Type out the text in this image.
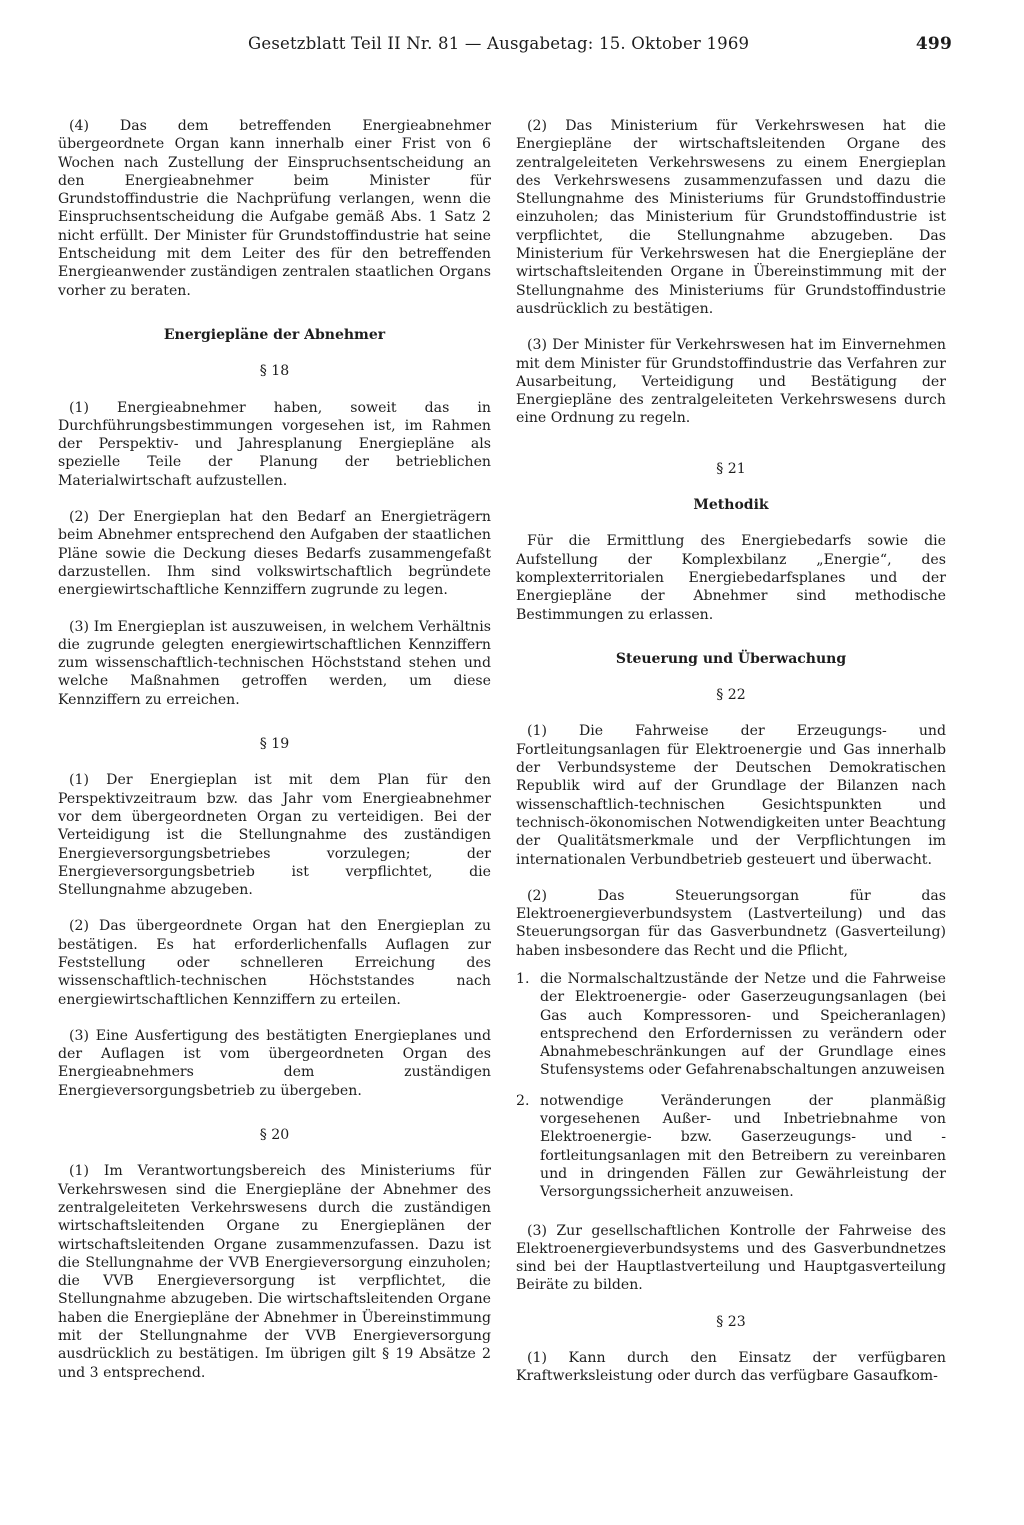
Gesetzblatt Teil II Nr. 81 — Ausgabetag: 15. Oktober 1969	499

(4) Das dem betreffenden Energieabnehmer übergeordnete Organ kann innerhalb einer Frist von 6 Wochen nach Zustellung der Einspruchsentscheidung an den Energieabnehmer beim Minister für Grundstoffindustrie die Nachprüfung verlangen, wenn die Einspruchsentscheidung die Aufgabe gemäß Abs. 1 Satz 2 nicht erfüllt. Der Minister für Grundstoffindustrie hat seine Entscheidung mit dem Leiter des für den betreffenden Energieanwender zuständigen zentralen staatlichen Organs vorher zu beraten.

Energiepläne der Abnehmer
§ 18

(1) Energieabnehmer haben, soweit das in Durchführungsbestimmungen vorgesehen ist, im Rahmen der Perspektiv- und Jahresplanung Energiepläne als spezielle Teile der Planung der betrieblichen Materialwirtschaft aufzustellen.

(2) Der Energieplan hat den Bedarf an Energieträgern beim Abnehmer entsprechend den Aufgaben der staatlichen Pläne sowie die Deckung dieses Bedarfs zusammengefaßt darzustellen. Ihm sind volkswirtschaftlich begründete energiewirtschaftliche Kennziffern zugrunde zu legen.

(3) Im Energieplan ist auszuweisen, in welchem Verhältnis die zugrunde gelegten energiewirtschaftlichen Kennziffern zum wissenschaftlich-technischen Höchststand stehen und welche Maßnahmen getroffen werden, um diese Kennziffern zu erreichen.

§ 19

(1) Der Energieplan ist mit dem Plan für den Perspektivzeitraum bzw. das Jahr vom Energieabnehmer vor dem übergeordneten Organ zu verteidigen. Bei der Verteidigung ist die Stellungnahme des zuständigen Energieversorgungsbetriebes vorzulegen; der Energieversorgungsbetrieb ist verpflichtet, die Stellungnahme abzugeben.

(2) Das übergeordnete Organ hat den Energieplan zu bestätigen. Es hat erforderlichenfalls Auflagen zur Feststellung oder schnelleren Erreichung des wissenschaftlich-technischen Höchststandes nach energiewirtschaftlichen Kennziffern zu erteilen.

(3) Eine Ausfertigung des bestätigten Energieplanes und der Auflagen ist vom übergeordneten Organ des Energieabnehmers dem zuständigen Energieversorgungsbetrieb zu übergeben.

§ 20

(1) Im Verantwortungsbereich des Ministeriums für Verkehrswesen sind die Energiepläne der Abnehmer des zentralgeleiteten Verkehrswesens durch die zuständigen wirtschaftsleitenden Organe zu Energieplänen der wirtschaftsleitenden Organe zusammenzufassen. Dazu ist die Stellungnahme der VVB Energieversorgung einzuholen; die VVB Energieversorgung ist verpflichtet, die Stellungnahme abzugeben. Die wirtschaftsleitenden Organe haben die Energiepläne der Abnehmer in Übereinstimmung mit der Stellungnahme der VVB Energieversorgung ausdrücklich zu bestätigen. Im übrigen gilt § 19 Absätze 2 und 3 entsprechend.

(2) Das Ministerium für Verkehrswesen hat die Energiepläne der wirtschaftsleitenden Organe des zentralgeleiteten Verkehrswesens zu einem Energieplan des Verkehrswesens zusammenzufassen und dazu die Stellungnahme des Ministeriums für Grundstoffindustrie einzuholen; das Ministerium für Grundstoffindustrie ist verpflichtet, die Stellungnahme abzugeben. Das Ministerium für Verkehrswesen hat die Energiepläne der wirtschaftsleitenden Organe in Übereinstimmung mit der Stellungnahme des Ministeriums für Grundstoffindustrie ausdrücklich zu bestätigen.

(3) Der Minister für Verkehrswesen hat im Einvernehmen mit dem Minister für Grundstoffindustrie das Verfahren zur Ausarbeitung, Verteidigung und Bestätigung der Energiepläne des zentralgeleiteten Verkehrswesens durch eine Ordnung zu regeln.

§ 21
Methodik

Für die Ermittlung des Energiebedarfs sowie die Aufstellung der Komplexbilanz „Energie“, des komplexterritorialen Energiebedarfsplanes und der Energiepläne der Abnehmer sind methodische Bestimmungen zu erlassen.

Steuerung und Überwachung
§ 22

(1) Die Fahrweise der Erzeugungs- und Fortleitungsanlagen für Elektroenergie und Gas innerhalb der Verbundsysteme der Deutschen Demokratischen Republik wird auf der Grundlage der Bilanzen nach wissenschaftlich-technischen Gesichtspunkten und technisch-ökonomischen Notwendigkeiten unter Beachtung der Qualitätsmerkmale und der Verpflichtungen im internationalen Verbundbetrieb gesteuert und überwacht.

(2) Das Steuerungsorgan für das Elektroenergieverbundsystem (Lastverteilung) und das Steuerungsorgan für das Gasverbundnetz (Gasverteilung) haben insbesondere das Recht und die Pflicht,

1. die Normalschaltzustände der Netze und die Fahrweise der Elektroenergie- oder Gaserzeugungsanlagen (bei Gas auch Kompressoren- und Speicheranlagen) entsprechend den Erfordernissen zu verändern oder Abnahmebeschränkungen auf der Grundlage eines Stufensystems oder Gefahrenabschaltungen anzuweisen
2. notwendige Veränderungen der planmäßig vorgesehenen Außer- und Inbetriebnahme von Elektroenergie- bzw. Gaserzeugungs- und -fortleitungsanlagen mit den Betreibern zu vereinbaren und in dringenden Fällen zur Gewährleistung der Versorgungssicherheit anzuweisen.

(3) Zur gesellschaftlichen Kontrolle der Fahrweise des Elektroenergieverbundsystems und des Gasverbundnetzes sind bei der Hauptlastverteilung und Hauptgasverteilung Beiräte zu bilden.

§ 23

(1) Kann durch den Einsatz der verfügbaren Kraftwerksleistung oder durch das verfügbare Gasaufkom-
